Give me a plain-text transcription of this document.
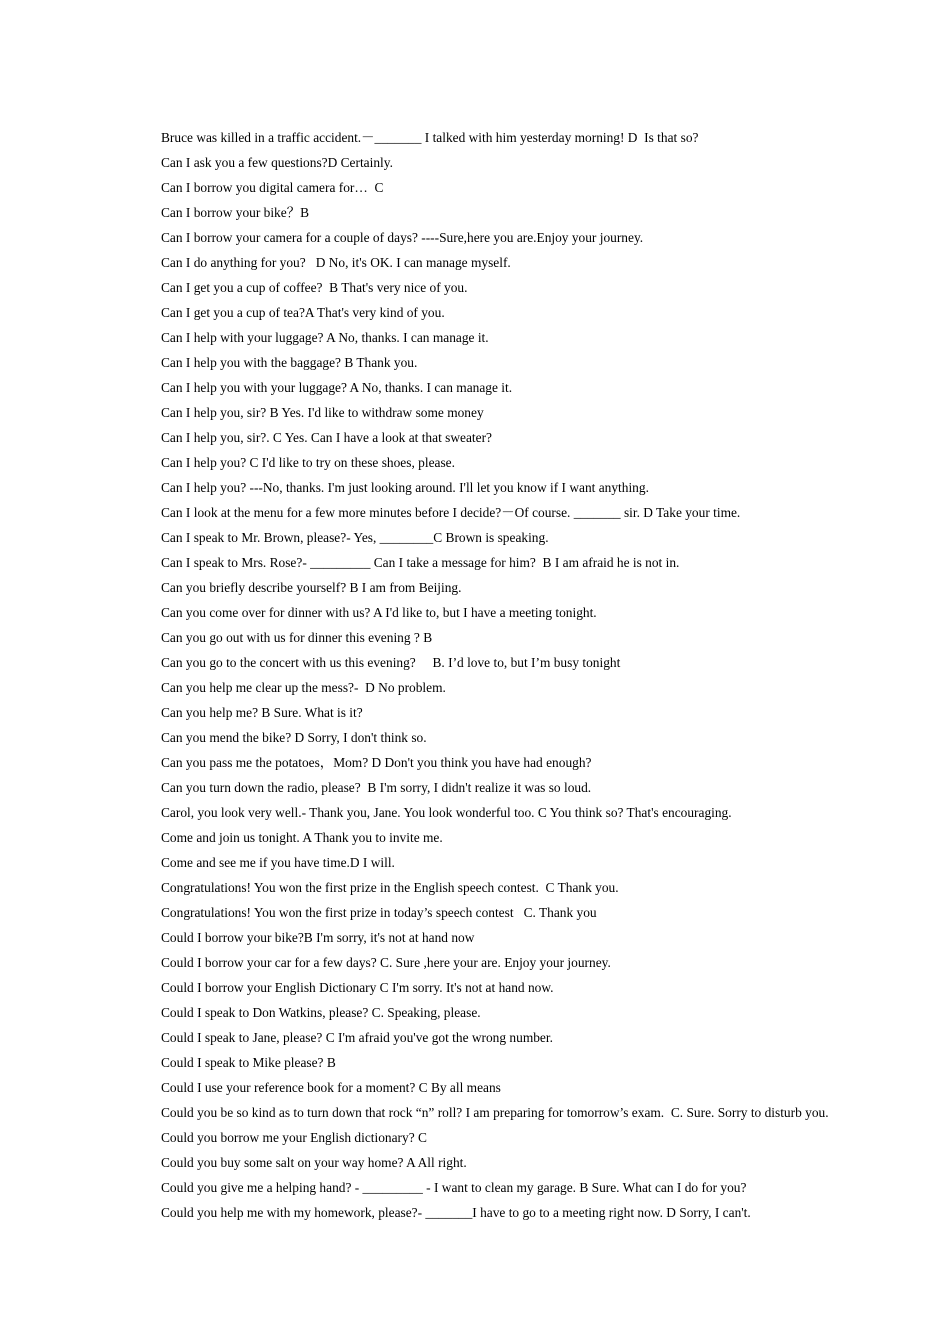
Bruce was killed in a traffic accident.－_______ I talked with him yesterday morning! D  Is that so?
Can I ask you a few questions?D Certainly.
Can I borrow you digital camera for…  C
Can I borrow your bike？B
Can I borrow your camera for a couple of days? ----Sure,here you are.Enjoy your journey.
Can I do anything for you?   D No, it's OK. I can manage myself.
Can I get you a cup of coffee?  B That's very nice of you.
Can I get you a cup of tea?A That's very kind of you.
Can I help with your luggage? A No, thanks. I can manage it.
Can I help you with the baggage? B Thank you.
Can I help you with your luggage? A No, thanks. I can manage it.
Can I help you, sir? B Yes. I'd like to withdraw some money
Can I help you, sir?. C Yes. Can I have a look at that sweater?
Can I help you? C I'd like to try on these shoes, please.
Can I help you? ---No, thanks. I'm just looking around. I'll let you know if I want anything.
Can I look at the menu for a few more minutes before I decide?－Of course. _______ sir. D Take your time.
Can I speak to Mr. Brown, please?- Yes, ________C Brown is speaking.
Can I speak to Mrs. Rose?- _________ Can I take a message for him?  B I am afraid he is not in.
Can you briefly describe yourself? B I am from Beijing.
Can you come over for dinner with us? A I'd like to, but I have a meeting tonight.
Can you go out with us for dinner this evening ? B
Can you go to the concert with us this evening?     B. I’d love to, but I’m busy tonight
Can you help me clear up the mess?-  D No problem.
Can you help me? B Sure. What is it?
Can you mend the bike? D Sorry, I don't think so.
Can you pass me the potatoes，Mom? D Don't you think you have had enough?
Can you turn down the radio, please?  B I'm sorry, I didn't realize it was so loud.
Carol, you look very well.- Thank you, Jane. You look wonderful too. C You think so? That's encouraging.
Come and join us tonight. A Thank you to invite me.
Come and see me if you have time.D I will.
Congratulations! You won the first prize in the English speech contest.  C Thank you.
Congratulations! You won the first prize in today’s speech contest   C. Thank you
Could I borrow your bike?B I'm sorry, it's not at hand now
Could I borrow your car for a few days? C. Sure ,here your are. Enjoy your journey.
Could I borrow your English Dictionary C I'm sorry. It's not at hand now.
Could I speak to Don Watkins, please? C. Speaking, please.
Could I speak to Jane, please? C I'm afraid you've got the wrong number.
Could I speak to Mike please? B
Could I use your reference book for a moment? C By all means
Could you be so kind as to turn down that rock “n” roll? I am preparing for tomorrow’s exam.  C. Sure. Sorry to disturb you.
Could you borrow me your English dictionary? C
Could you buy some salt on your way home? A All right.
Could you give me a helping hand? - _________ - I want to clean my garage. B Sure. What can I do for you?
Could you help me with my homework, please?- _______I have to go to a meeting right now. D Sorry, I can't.
